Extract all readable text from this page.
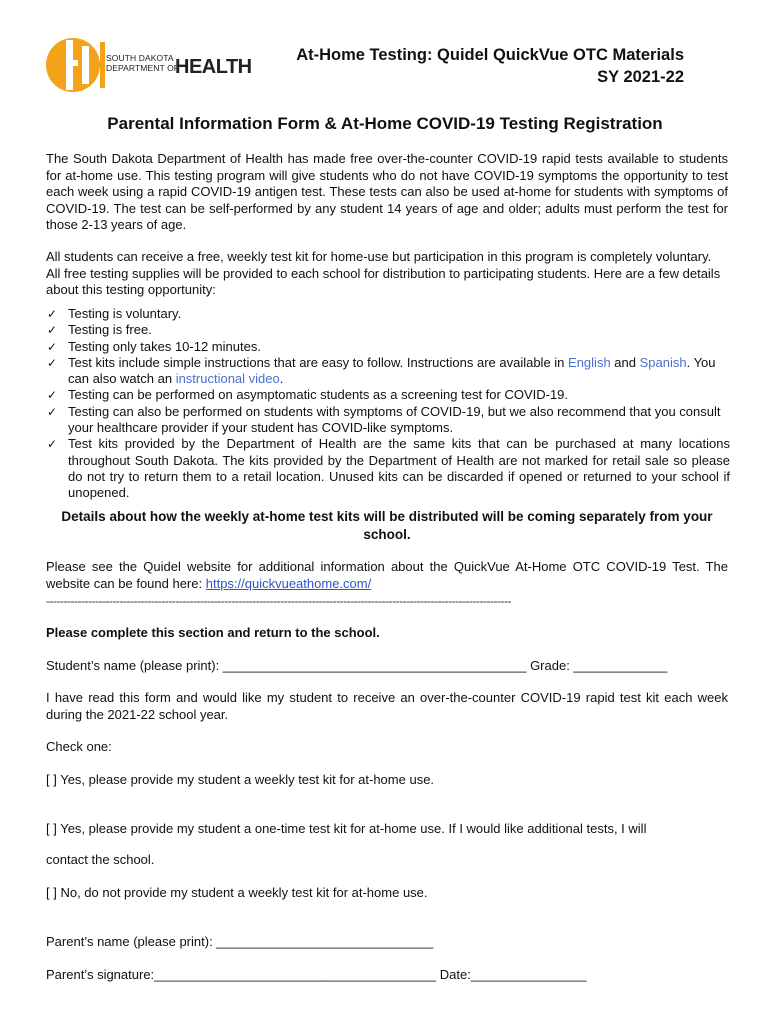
SOUTH DAKOTA
DEPARTMENT OF
HEALTH
At-Home Testing: Quidel QuickVue OTC Materials
SY 2021-22
Parental Information Form & At-Home COVID-19 Testing Registration
The South Dakota Department of Health has made free over-the-counter COVID-19 rapid tests available to students for at-home use. This testing program will give students who do not have COVID-19 symptoms the opportunity to test each week using a rapid COVID-19 antigen test. These tests can also be used at-home for students with symptoms of COVID-19. The test can be self-performed by any student 14 years of age and older; adults must perform the test for those 2-13 years of age.
All students can receive a free, weekly test kit for home-use but participation in this program is completely voluntary. All free testing supplies will be provided to each school for distribution to participating students. Here are a few details about this testing opportunity:
✓ Testing is voluntary.
✓ Testing is free.
✓ Testing only takes 10-12 minutes.
✓ Test kits include simple instructions that are easy to follow. Instructions are available in English and Spanish. You can also watch an instructional video.
✓ Testing can be performed on asymptomatic students as a screening test for COVID-19.
✓ Testing can also be performed on students with symptoms of COVID-19, but we also recommend that you consult your healthcare provider if your student has COVID-like symptoms.
✓ Test kits provided by the Department of Health are the same kits that can be purchased at many locations throughout South Dakota. The kits provided by the Department of Health are not marked for retail sale so please do not try to return them to a retail location. Unused kits can be discarded if opened or returned to your school if unopened.
Details about how the weekly at-home test kits will be distributed will be coming separately from your school.
Please see the Quidel website for additional information about the QuickVue At-Home OTC COVID-19 Test. The website can be found here: https://quickvueathome.com/
-------------------------------------------------------------------------------------------------------------------------------------
Please complete this section and return to the school.
Student’s name (please print): __________________________________________ Grade: _____________
I have read this form and would like my student to receive an over-the-counter COVID-19 rapid test kit each week during the 2021-22 school year.
Check one:
[ ] Yes, please provide my student a weekly test kit for at-home use.
[ ] Yes, please provide my student a one-time test kit for at-home use. If I would like additional tests, I will
contact the school.
[ ] No, do not provide my student a weekly test kit for at-home use.
Parent’s name (please print): ______________________________
Parent’s signature:_______________________________________ Date:________________
